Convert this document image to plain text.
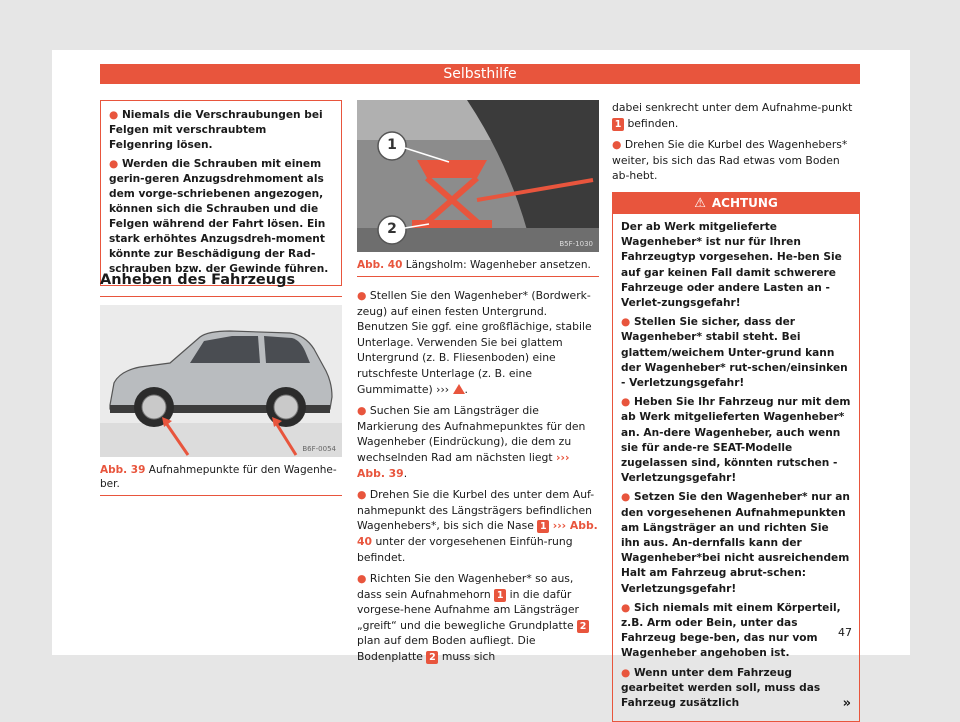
Selbsthilfe

● Niemals die Verschraubungen bei Felgen mit verschraubtem Felgenring lösen.

● Werden die Schrauben mit einem gerin-geren Anzugsdrehmoment als dem vorge-schriebenen angezogen, können sich die Schrauben und die Felgen während der Fahrt lösen. Ein stark erhöhtes Anzugsdreh-moment könnte zur Beschädigung der Rad-schrauben bzw. der Gewinde führen.

Anheben des Fahrzeugs
B6F-0054
Abb. 39 Aufnahmepunkte für den Wagenhe-ber.
1
2
B5F-1030
Abb. 40 Längsholm: Wagenheber ansetzen.

● Stellen Sie den Wagenheber* (Bordwerk-zeug) auf einen festen Untergrund. Benutzen Sie ggf. eine großflächige, stabile Unterlage. Verwenden Sie bei glattem Untergrund (z. B. Fliesenboden) eine rutschfeste Unterlage (z. B. eine Gummimatte) ››› .

● Suchen Sie am Längsträger die Markierung des Aufnahmepunktes für den Wagenheber (Eindrückung), die dem zu wechselnden Rad am nächsten liegt ››› Abb. 39.

● Drehen Sie die Kurbel des unter dem Auf-nahmepunkt des Längsträgers befindlichen Wagenhebers*, bis sich die Nase 1 ››› Abb. 40 unter der vorgesehenen Einfüh-rung befindet.

● Richten Sie den Wagenheber* so aus, dass sein Aufnahmehorn 1 in die dafür vorgese-hene Aufnahme am Längsträger „greift“ und die bewegliche Grundplatte 2 plan auf dem Boden aufliegt. Die Bodenplatte 2 muss sich

dabei senkrecht unter dem Aufnahme-punkt 1 befinden.

● Drehen Sie die Kurbel des Wagenhebers* weiter, bis sich das Rad etwas vom Boden ab-hebt.

⚠ ACHTUNG

Der ab Werk mitgelieferte Wagenheber* ist nur für Ihren Fahrzeugtyp vorgesehen. He-ben Sie auf gar keinen Fall damit schwerere Fahrzeuge oder andere Lasten an - Verlet-zungsgefahr!

● Stellen Sie sicher, dass der Wagenheber* stabil steht. Bei glattem/weichem Unter-grund kann der Wagenheber* rut-schen/einsinken - Verletzungsgefahr!

● Heben Sie Ihr Fahrzeug nur mit dem ab Werk mitgelieferten Wagenheber* an. An-dere Wagenheber, auch wenn sie für ande-re SEAT-Modelle zugelassen sind, könnten rutschen - Verletzungsgefahr!

● Setzen Sie den Wagenheber* nur an den vorgesehenen Aufnahmepunkten am Längsträger an und richten Sie ihn aus. An-dernfalls kann der Wagenheber*bei nicht ausreichendem Halt am Fahrzeug abrut-schen: Verletzungsgefahr!

● Sich niemals mit einem Körperteil, z.B. Arm oder Bein, unter das Fahrzeug bege-ben, das nur vom Wagenheber angehoben ist.

● Wenn unter dem Fahrzeug gearbeitet werden soll, muss das Fahrzeug zusätzlich	»

47
